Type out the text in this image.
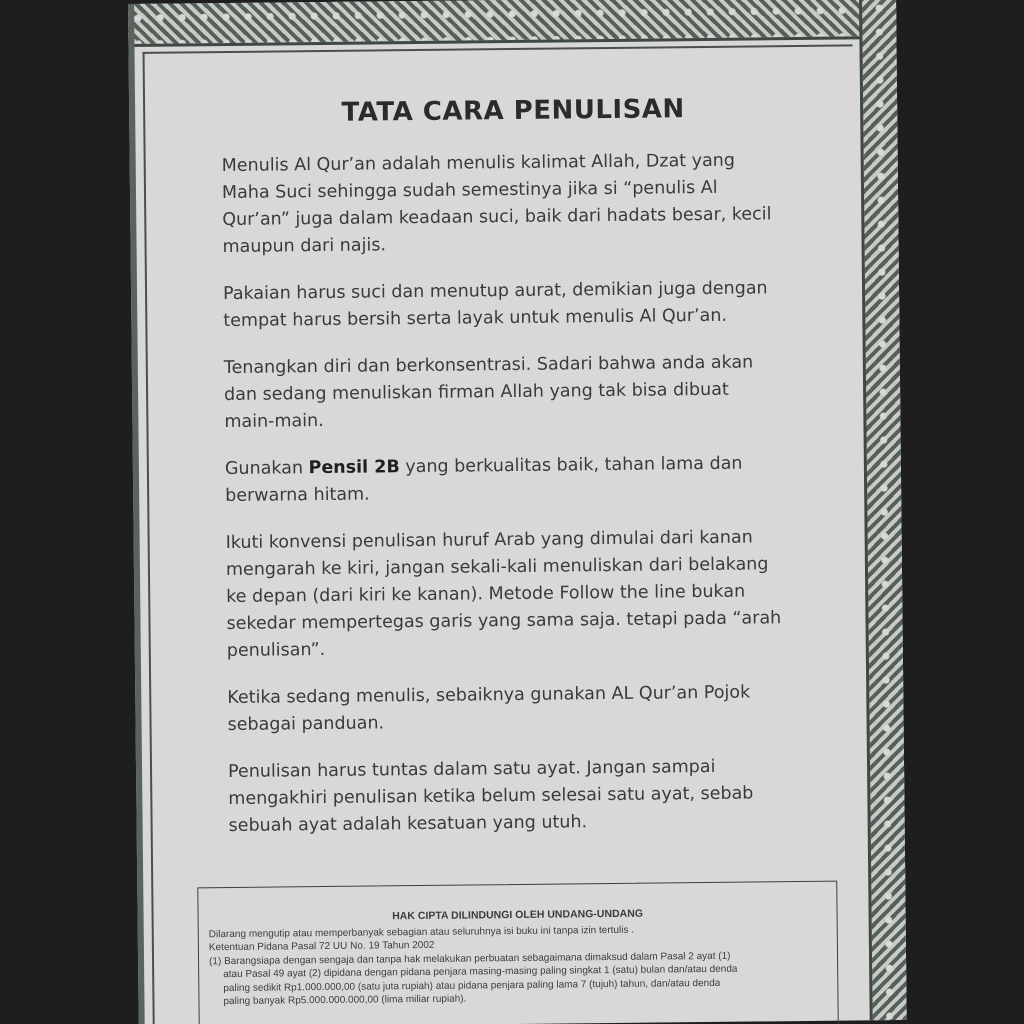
TATA CARA PENULISAN

Menulis Al Qur’an adalah menulis kalimat Allah, Dzat yang Maha Suci sehingga sudah semestinya jika si “penulis Al Qur’an” juga dalam keadaan suci, baik dari hadats besar, kecil maupun dari najis.

Pakaian harus suci dan menutup aurat, demikian juga dengan tempat harus bersih serta layak untuk menulis Al Qur’an.

Tenangkan diri dan berkonsentrasi. Sadari bahwa anda akan dan sedang menuliskan firman Allah yang tak bisa dibuat main-main.

Gunakan Pensil 2B yang berkualitas baik, tahan lama dan berwarna hitam.

Ikuti konvensi penulisan huruf Arab yang dimulai dari kanan mengarah ke kiri, jangan sekali-kali menuliskan dari belakang ke depan (dari kiri ke kanan). Metode Follow the line bukan sekedar mempertegas garis yang sama saja. tetapi pada “arah penulisan”.

Ketika sedang menulis, sebaiknya gunakan AL Qur’an Pojok sebagai panduan.

Penulisan harus tuntas dalam satu ayat. Jangan sampai mengakhiri penulisan ketika belum selesai satu ayat, sebab sebuah ayat adalah kesatuan yang utuh.

HAK CIPTA DILINDUNGI OLEH UNDANG-UNDANG
Dilarang mengutip atau memperbanyak sebagian atau seluruhnya isi buku ini tanpa izin tertulis .
Ketentuan Pidana Pasal 72 UU No. 19 Tahun 2002
(1) Barangsiapa dengan sengaja dan tanpa hak melakukan perbuatan sebagaimana dimaksud dalam Pasal 2 ayat (1)
atau Pasal 49 ayat (2) dipidana dengan pidana penjara masing-masing paling singkat 1 (satu) bulan dan/atau denda
paling sedikit Rp1.000.000,00 (satu juta rupiah) atau pidana penjara paling lama 7 (tujuh) tahun, dan/atau denda
paling banyak Rp5.000.000.000,00 (lima miliar rupiah).
